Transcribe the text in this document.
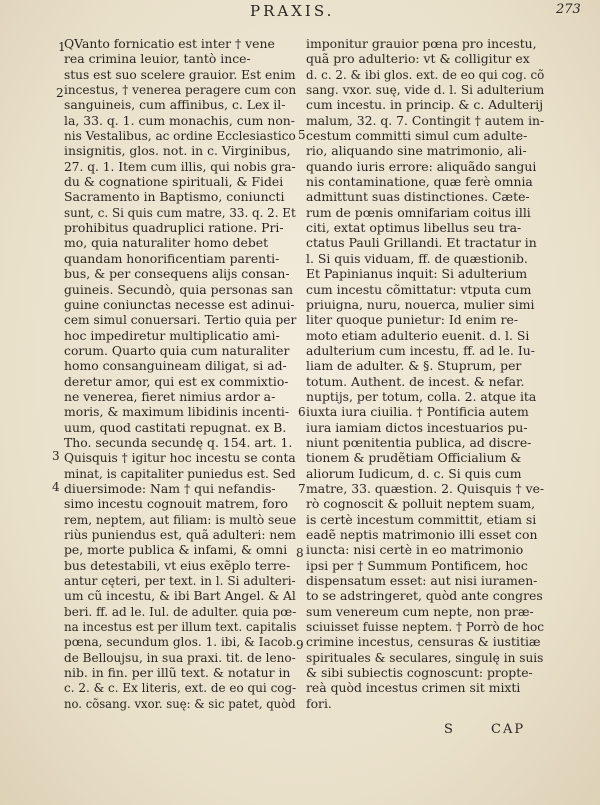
PRAXIS.	273
1
2
3
4
5
6
7
8
9
QVanto fornicatio est inter † vene
rea crimina leuior, tantò ince-
stus est suo scelere grauior. Est enim
incestus, † venerea peragere cum con
sanguineis, cum affinibus, c. Lex il-
la, 33. q. 1. cum monachis, cum non-
nis Vestalibus, ac ordine Ecclesiastico
insignitis, glos. not. in c. Virginibus,
27. q. 1. Item cum illis, qui nobis gra-
du & cognatione spirituali, & Fidei
Sacramento in Baptismo, coniuncti
sunt, c. Si quis cum matre, 33. q. 2. Et
prohibitus quadruplici ratione. Pri-
mo, quia naturaliter homo debet
quandam honorificentiam parenti-
bus, & per consequens alijs consan-
guineis. Secundò, quia personas san
guine coniunctas necesse est adinui-
cem simul conuersari. Tertio quia per
hoc impediretur multiplicatio ami-
corum. Quarto quia cum naturaliter
homo consanguineam diligat, si ad-
deretur amor, qui est ex commixtio-
ne venerea, fieret nimius ardor a-
moris, & maximum libidinis incenti-
uum, quod castitati repugnat. ex B.
Tho. secunda secundę q. 154. art. 1.
Quisquis † igitur hoc incestu se conta
minat, is capitaliter puniedus est. Sed
diuersimode: Nam † qui nefandis-
simo incestu cognouit matrem, foro
rem, neptem, aut filiam: is multò seue
riùs puniendus est, quã adulteri: nem
pe, morte publica & infami, & omni
bus detestabili, vt eius exẽplo terre-
antur cęteri, per text. in l. Si adulteri-
um cũ incestu, & ibi Bart Angel. & Al
beri. ff. ad le. Iul. de adulter. quia pœ-
na incestus est per illum text. capitalis
pœna, secundum glos. 1. ibi, & Iacob.
de Belloujsu, in sua praxi. tit. de leno-
nib. in fin. per illũ text. & notatur in
c. 2. & c. Ex literis, ext. de eo qui cog-
no. cõsang. vxor. suę: & sic patet, quòd
imponitur grauior pœna pro incestu,
quã pro adulterio: vt & colligitur ex
d. c. 2. & ibi glos. ext. de eo qui cog. cõ
sang. vxor. suę, vide d. l. Si adulterium
cum incestu. in princip. & c. Adulterij
malum, 32. q. 7. Contingit † autem in-
cestum committi simul cum adulte-
rio, aliquando sine matrimonio, ali-
quando iuris errore: aliquãdo sangui
nis contaminatione, quæ ferè omnia
admittunt suas distinctiones. Cæte-
rum de pœnis omnifariam coitus illi
citi, extat optimus libellus seu tra-
ctatus Pauli Grillandi. Et tractatur in
l. Si quis viduam, ff. de quæstionib.
Et Papinianus inquit: Si adulterium
cum incestu cõmittatur: vtputa cum
priuigna, nuru, nouerca, mulier simi
liter quoque punietur: Id enim re-
moto etiam adulterio euenit. d. l. Si
adulterium cum incestu, ff. ad le. Iu-
liam de adulter. & §. Stuprum, per
totum. Authent. de incest. & nefar.
nuptijs, per totum, colla. 2. atque ita
iuxta iura ciuilia. † Pontificia autem
iura iamiam dictos incestuarios pu-
niunt pœnitentia publica, ad discre-
tionem & prudẽtiam Officialium &
aliorum Iudicum, d. c. Si quis cum
matre, 33. quæstion. 2. Quisquis † ve-
rò cognoscit & polluit neptem suam,
is certè incestum committit, etiam si
eadẽ neptis matrimonio illi esset con
iuncta: nisi certè in eo matrimonio
ipsi per † Summum Pontificem, hoc
dispensatum esset: aut nisi iuramen-
to se adstringeret, quòd ante congres
sum venereum cum nepte, non præ-
sciuisset fuisse neptem. † Porrò de hoc
crimine incestus, censuras & iustitiæ
spirituales & seculares, singulę in suis
& sibi subiectis cognoscunt: propte-
reà quòd incestus crimen sit mixti
fori.
S	CAP
